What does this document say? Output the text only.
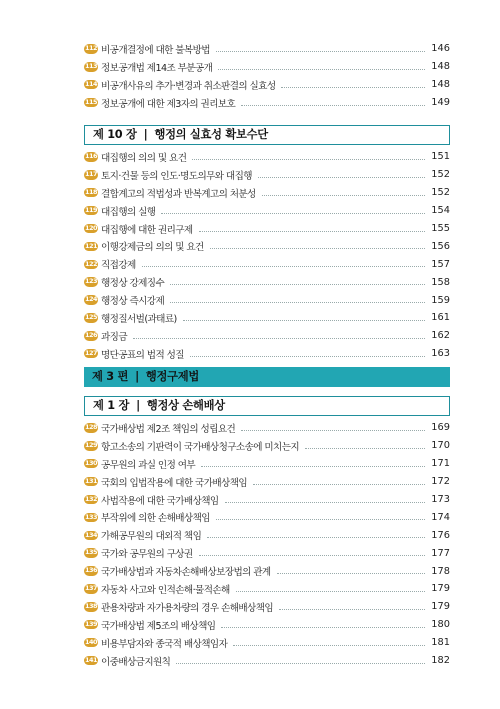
112 비공개결정에 대한 불복방법	146
113 정보공개법 제14조 부분공개	148
114 비공개사유의 추가·변경과 취소판결의 실효성	148
115 정보공개에 대한 제3자의 권리보호	149
제 10 장 | 행정의 실효성 확보수단
116 대집행의 의의 및 요건	151
117 토지·건물 등의 인도·명도의무와 대집행	152
118 결합계고의 적법성과 반복계고의 처분성	152
119 대집행의 실행	154
120 대집행에 대한 권리구제	155
121 이행강제금의 의의 및 요건	156
122 직접강제	157
123 행정상 강제징수	158
124 행정상 즉시강제	159
125 행정질서벌(과태료)	161
126 과징금	162
127 명단공표의 법적 성질	163
제 3 편 | 행정구제법
제 1 장 | 행정상 손해배상
128 국가배상법 제2조 책임의 성립요건	169
129 항고소송의 기판력이 국가배상청구소송에 미치는지	170
130 공무원의 과실 인정 여부	171
131 국회의 입법작용에 대한 국가배상책임	172
132 사법작용에 대한 국가배상책임	173
133 부작위에 의한 손해배상책임	174
134 가해공무원의 대외적 책임	176
135 국가와 공무원의 구상권	177
136 국가배상법과 자동차손해배상보장법의 관계	178
137 자동차 사고와 인적손해·물적손해	179
138 관용차량과 자가용차량의 경우 손해배상책임	179
139 국가배상법 제5조의 배상책임	180
140 비용부담자와 종국적 배상책임자	181
141 이중배상금지원칙	182
